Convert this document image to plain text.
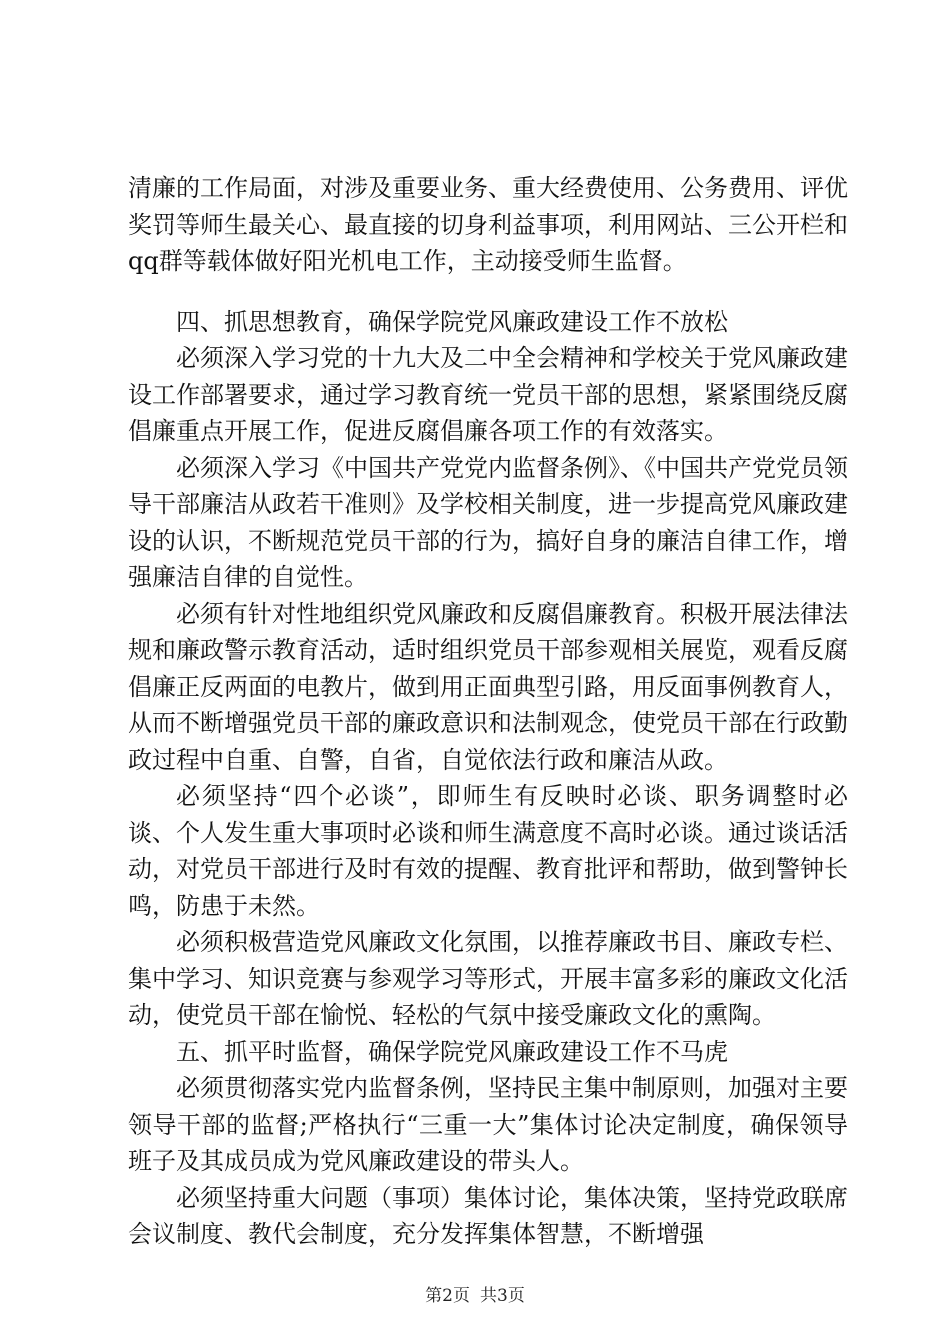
清廉的工作局面，对涉及重要业务、重大经费使用、公务费用、评优奖罚等师生最关心、最直接的切身利益事项，利用网站、三公开栏和qq群等载体做好阳光机电工作，主动接受师生监督。

四、抓思想教育，确保学院党风廉政建设工作不放松

必须深入学习党的十九大及二中全会精神和学校关于党风廉政建设工作部署要求，通过学习教育统一党员干部的思想，紧紧围绕反腐倡廉重点开展工作，促进反腐倡廉各项工作的有效落实。

必须深入学习《中国共产党党内监督条例》、《中国共产党党员领导干部廉洁从政若干准则》及学校相关制度，进一步提高党风廉政建设的认识，不断规范党员干部的行为，搞好自身的廉洁自律工作，增强廉洁自律的自觉性。

必须有针对性地组织党风廉政和反腐倡廉教育。积极开展法律法规和廉政警示教育活动，适时组织党员干部参观相关展览，观看反腐倡廉正反两面的电教片，做到用正面典型引路，用反面事例教育人，从而不断增强党员干部的廉政意识和法制观念，使党员干部在行政勤政过程中自重、自警，自省，自觉依法行政和廉洁从政。

必须坚持“四个必谈”，即师生有反映时必谈、职务调整时必谈、个人发生重大事项时必谈和师生满意度不高时必谈。通过谈话活动，对党员干部进行及时有效的提醒、教育批评和帮助，做到警钟长鸣，防患于未然。

必须积极营造党风廉政文化氛围，以推荐廉政书目、廉政专栏、集中学习、知识竞赛与参观学习等形式，开展丰富多彩的廉政文化活动，使党员干部在愉悦、轻松的气氛中接受廉政文化的熏陶。

五、抓平时监督，确保学院党风廉政建设工作不马虎

必须贯彻落实党内监督条例，坚持民主集中制原则，加强对主要领导干部的监督;严格执行“三重一大”集体讨论决定制度，确保领导班子及其成员成为党风廉政建设的带头人。

必须坚持重大问题（事项）集体讨论，集体决策，坚持党政联席会议制度、教代会制度，充分发挥集体智慧，不断增强

第2页 共3页
